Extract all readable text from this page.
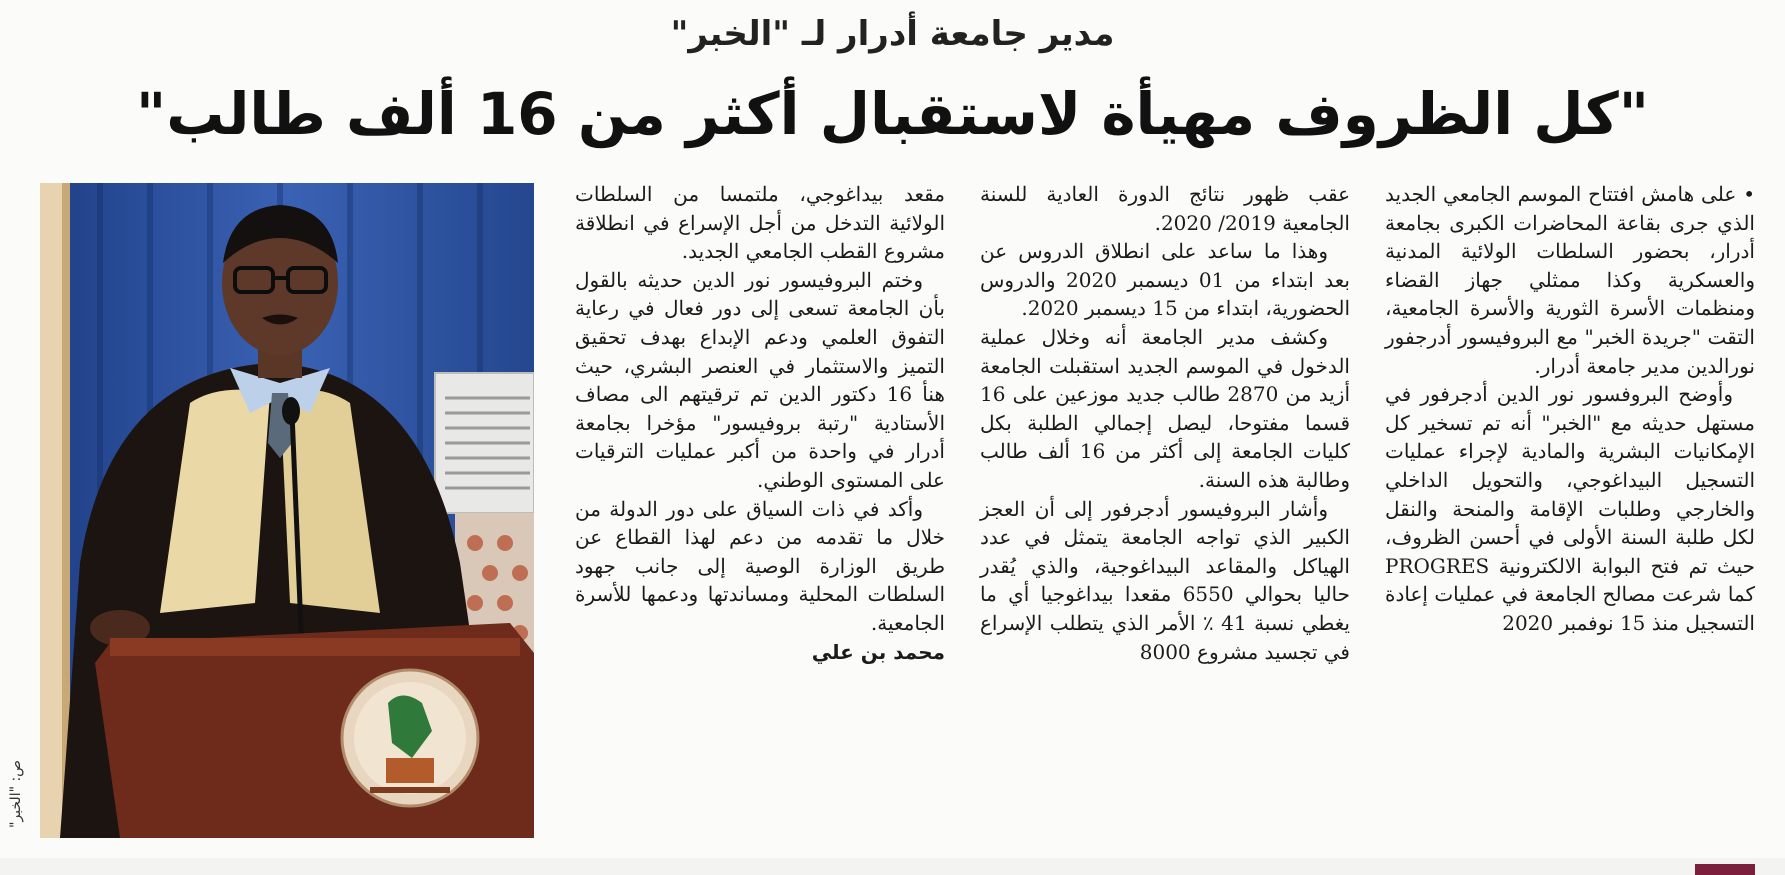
مدير جامعة أدرار لـ "الخبر"
"كل الظروف مهيأة لاستقبال أكثر من 16 ألف طالب"

• على هامش افتتاح الموسم الجامعي الجديد الذي جرى بقاعة المحاضرات الكبرى بجامعة أدرار، بحضور السلطات الولائية المدنية والعسكرية وكذا ممثلي جهاز القضاء ومنظمات الأسرة الثورية والأسرة الجامعية، التقت "جريدة الخبر" مع البروفيسور أدرجفور نورالدين مدير جامعة أدرار.

وأوضح البروفسور نور الدين أدجرفور في مستهل حديثه مع "الخبر" أنه تم تسخير كل الإمكانيات البشرية والمادية لإجراء عمليات التسجيل البيداغوجي، والتحويل الداخلي والخارجي وطلبات الإقامة والمنحة والنقل لكل طلبة السنة الأولى في أحسن الظروف، حيث تم فتح البوابة الالكترونية PROGRES كما شرعت مصالح الجامعة في عمليات إعادة التسجيل منذ 15 نوفمبر 2020

عقب ظهور نتائج الدورة العادية للسنة الجامعية 2019/ 2020.

وهذا ما ساعد على انطلاق الدروس عن بعد ابتداء من 01 ديسمبر 2020 والدروس الحضورية، ابتداء من 15 ديسمبر 2020.

وكشف مدير الجامعة أنه وخلال عملية الدخول في الموسم الجديد استقبلت الجامعة أزيد من 2870 طالب جديد موزعين على 16 قسما مفتوحا، ليصل إجمالي الطلبة بكل كليات الجامعة إلى أكثر من 16 ألف طالب وطالبة هذه السنة.

وأشار البروفيسور أدجرفور إلى أن العجز الكبير الذي تواجه الجامعة يتمثل في عدد الهياكل والمقاعد البيداغوجية، والذي يُقدر حاليا بحوالي 6550 مقعدا بيداغوجيا أي ما يغطي نسبة 41 ٪ الأمر الذي يتطلب الإسراع في تجسيد مشروع 8000

مقعد بيداغوجي، ملتمسا من السلطات الولائية التدخل من أجل الإسراع في انطلاقة مشروع القطب الجامعي الجديد.

وختم البروفيسور نور الدين حديثه بالقول بأن الجامعة تسعى إلى دور فعال في رعاية التفوق العلمي ودعم الإبداع بهدف تحقيق التميز والاستثمار في العنصر البشري، حيث هنأ 16 دكتور الدين تم ترقيتهم الى مصاف الأستادية "رتبة بروفيسور" مؤخرا بجامعة أدرار في واحدة من أكبر عمليات الترقيات على المستوى الوطني.

وأكد في ذات السياق على دور الدولة من خلال ما تقدمه من دعم لهذا القطاع عن طريق الوزارة الوصية إلى جانب جهود السلطات المحلية ومساندتها ودعمها للأسرة الجامعية.

محمد بن علي

ص: "الخبر"
